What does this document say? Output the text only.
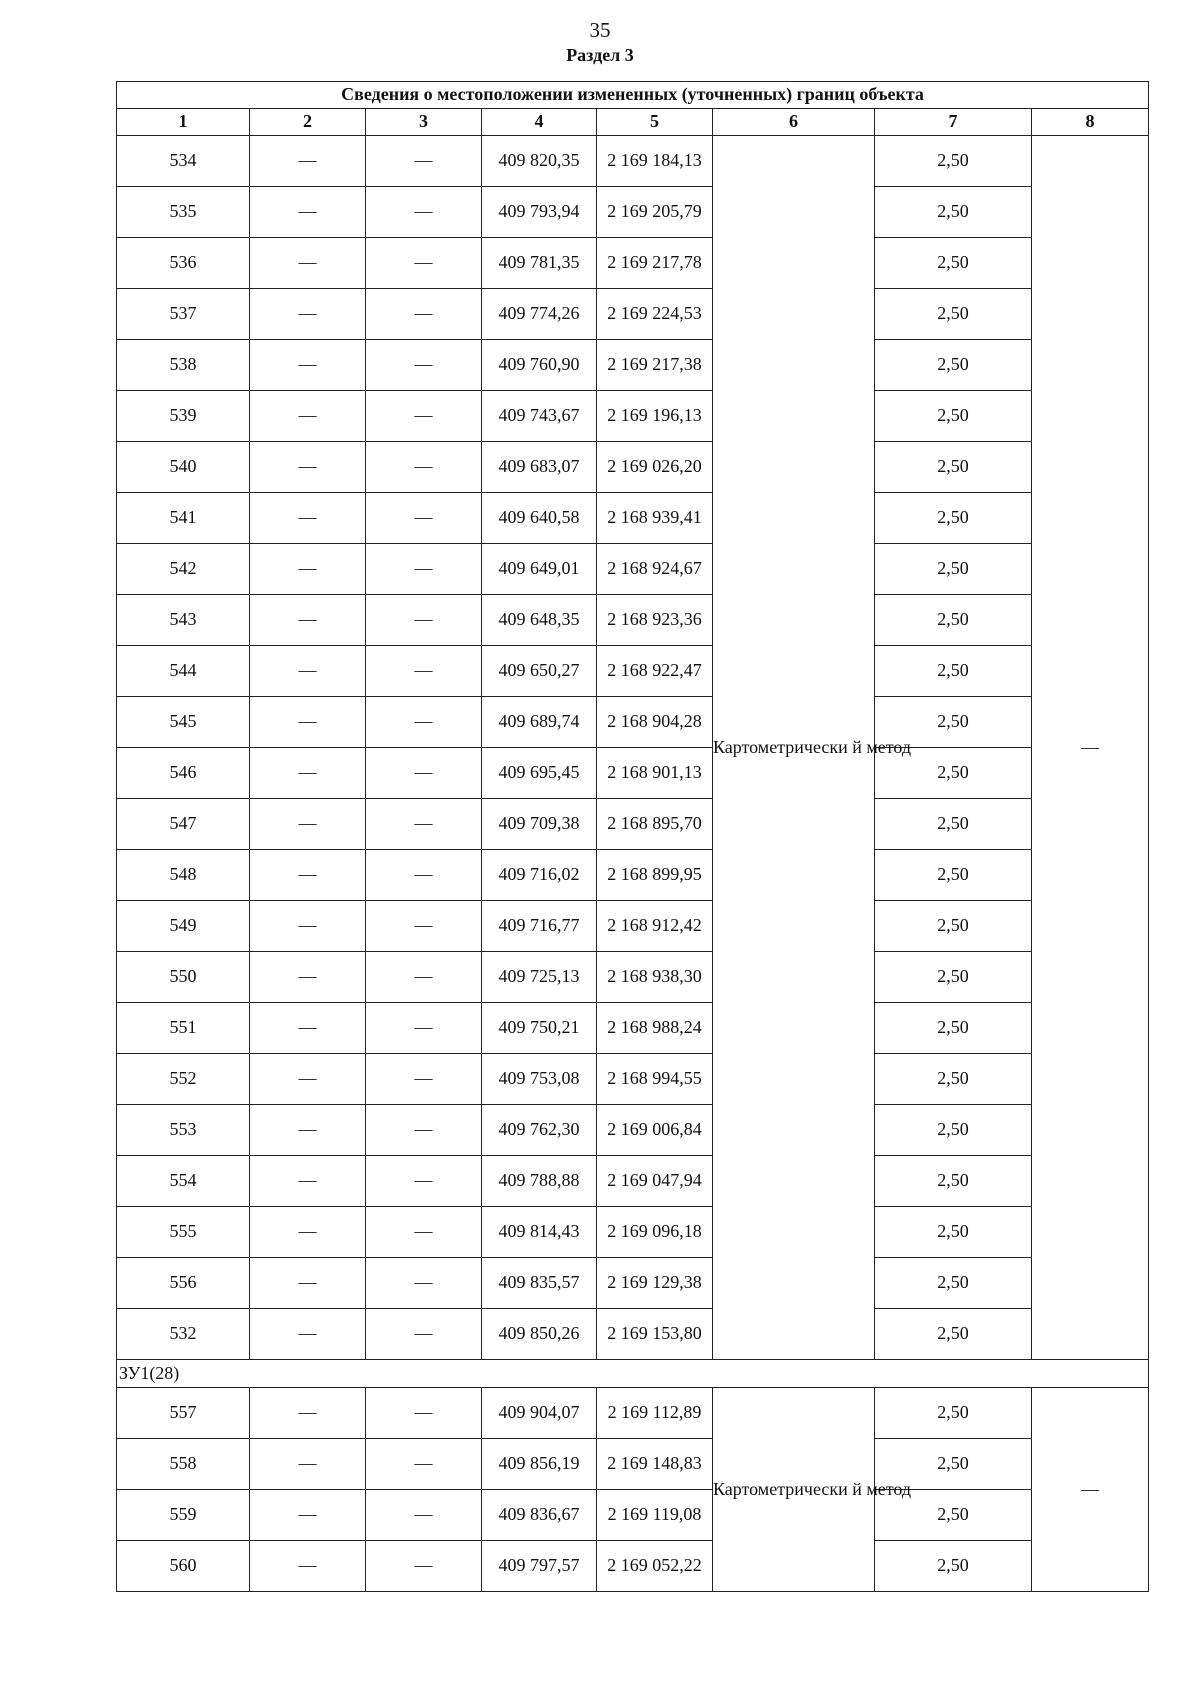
35
Раздел 3
Сведения о местоположении измененных (уточненных) границ объекта							
1	2	3	4	5	6	7	8
534	—	—	409 820,35	2 169 184,13	Картометрически й метод	2,50	—
535	—	—	409 793,94	2 169 205,79		2,50	
536	—	—	409 781,35	2 169 217,78		2,50	
537	—	—	409 774,26	2 169 224,53		2,50	
538	—	—	409 760,90	2 169 217,38		2,50	
539	—	—	409 743,67	2 169 196,13		2,50	
540	—	—	409 683,07	2 169 026,20		2,50	
541	—	—	409 640,58	2 168 939,41		2,50	
542	—	—	409 649,01	2 168 924,67		2,50	
543	—	—	409 648,35	2 168 923,36		2,50	
544	—	—	409 650,27	2 168 922,47		2,50	
545	—	—	409 689,74	2 168 904,28		2,50	
546	—	—	409 695,45	2 168 901,13		2,50	
547	—	—	409 709,38	2 168 895,70		2,50	
548	—	—	409 716,02	2 168 899,95		2,50	
549	—	—	409 716,77	2 168 912,42		2,50	
550	—	—	409 725,13	2 168 938,30		2,50	
551	—	—	409 750,21	2 168 988,24		2,50	
552	—	—	409 753,08	2 168 994,55		2,50	
553	—	—	409 762,30	2 169 006,84		2,50	
554	—	—	409 788,88	2 169 047,94		2,50	
555	—	—	409 814,43	2 169 096,18		2,50	
556	—	—	409 835,57	2 169 129,38		2,50	
532	—	—	409 850,26	2 169 153,80		2,50	
ЗУ1(28)							
557	—	—	409 904,07	2 169 112,89	Картометрически й метод	2,50	—
558	—	—	409 856,19	2 169 148,83		2,50	
559	—	—	409 836,67	2 169 119,08		2,50	
560	—	—	409 797,57	2 169 052,22		2,50	
